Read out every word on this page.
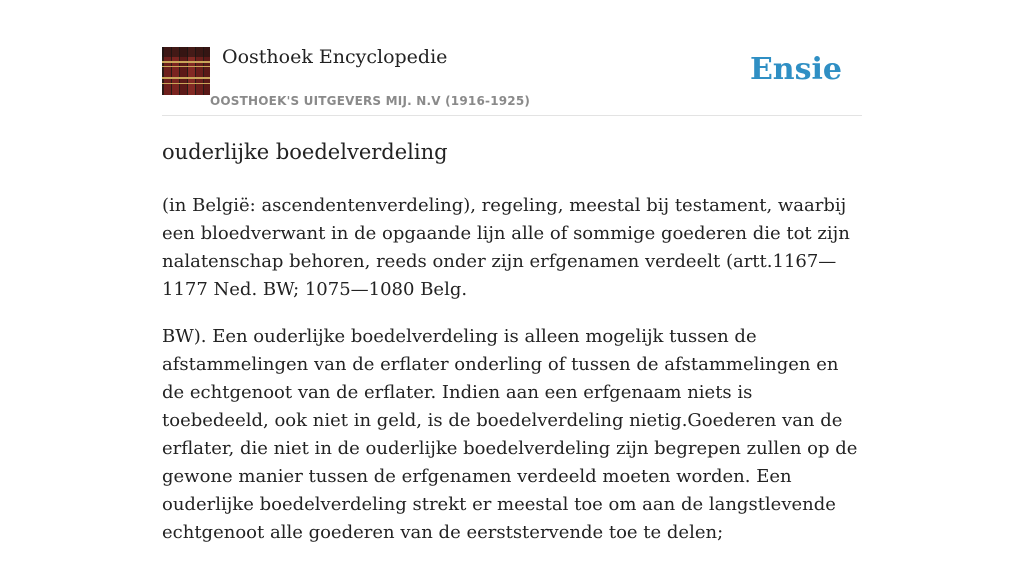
Oosthoek Encyclopedie
OOSTHOEK'S UITGEVERS MIJ. N.V (1916-1925)
Ensie
ouderlijke boedelverdeling

(in België: ascendentenverdeling), regeling, meestal bij testament, waarbij een bloedverwant in de opgaande lijn alle of sommige goederen die tot zijn nalatenschap behoren, reeds onder zijn erfgenamen verdeelt (artt.1167—1177 Ned. BW; 1075—1080 Belg.

BW). Een ouderlijke boedelverdeling is alleen mogelijk tussen de afstammelingen van de erflater onderling of tussen de afstammelingen en de echtgenoot van de erflater. Indien aan een erfgenaam niets is toebedeeld, ook niet in geld, is de boedelverdeling nietig.Goederen van de erflater, die niet in de ouderlijke boedelverdeling zijn begrepen zullen op de gewone manier tussen de erfgenamen verdeeld moeten worden. Een ouderlijke boedelverdeling strekt er meestal toe om aan de langstlevende echtgenoot alle goederen van de eerststervende toe te delen;
